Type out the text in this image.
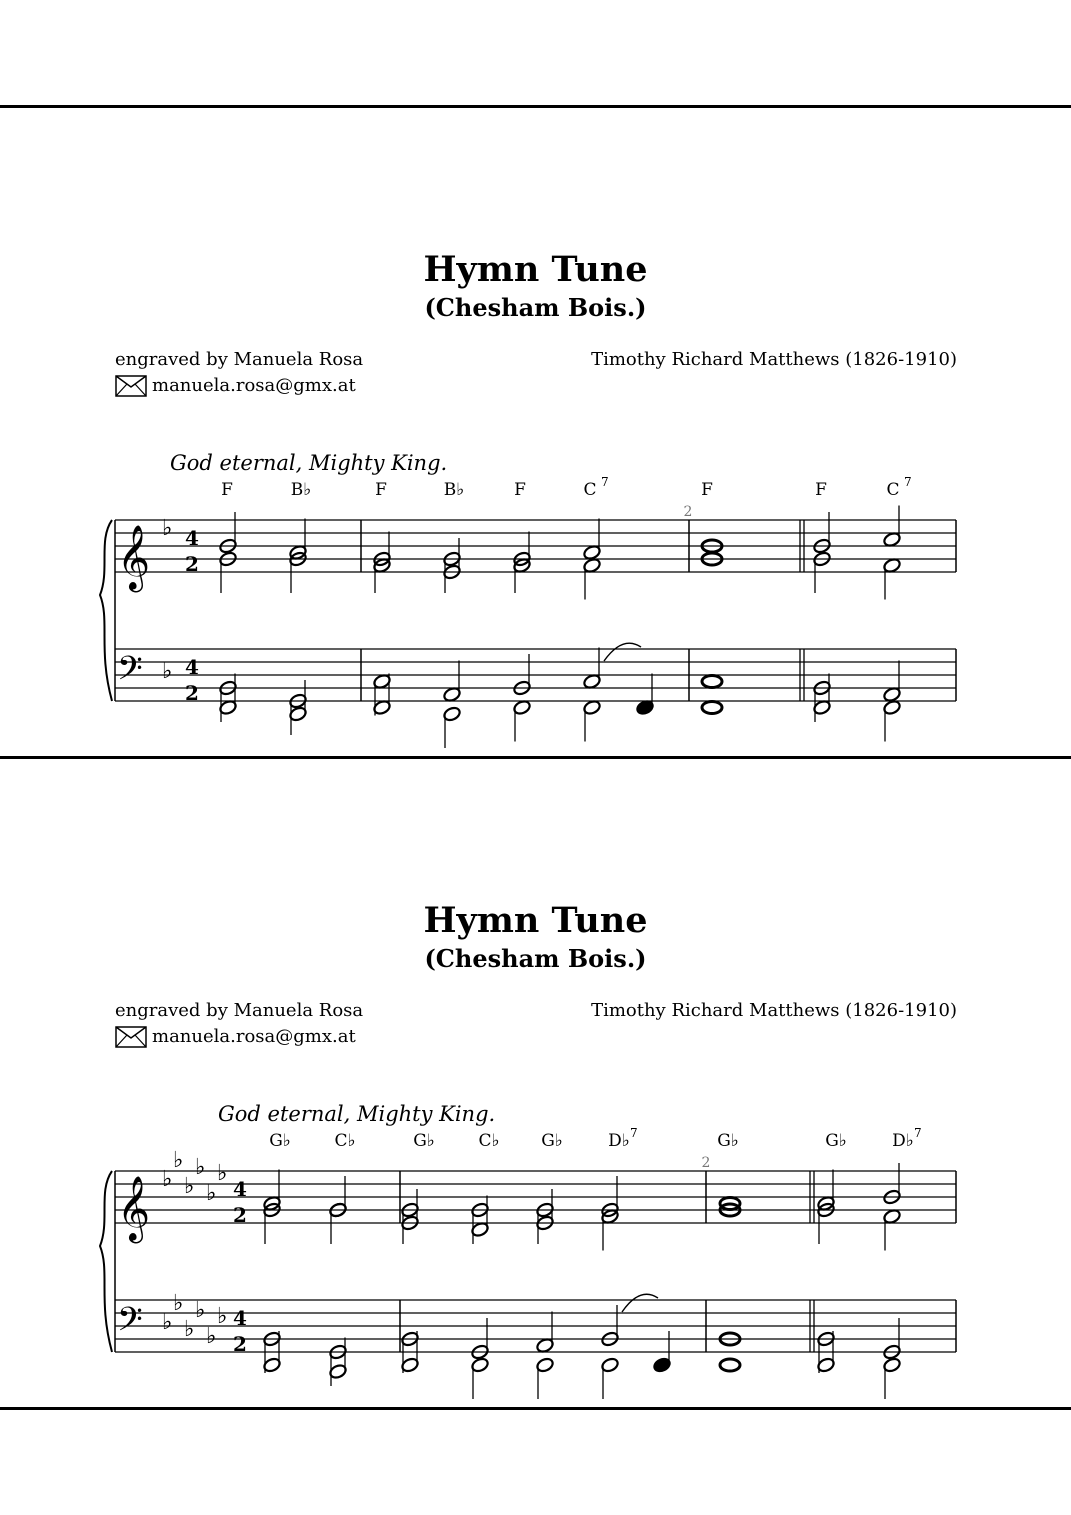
Hymn Tune
(Chesham Bois.)
engraved by Manuela Rosa
manuela.rosa@gmx.at
Timothy Richard Matthews (1826-1910)
God eternal, Mighty King.
F	B♭	F	B♭	F	C 7	F	F	C 7
2
𝄞
𝄢
♭
♭
4
2
4
2
Hymn Tune
(Chesham Bois.)
engraved by Manuela Rosa
manuela.rosa@gmx.at
Timothy Richard Matthews (1826-1910)
God eternal, Mighty King.
G♭	C♭	G♭	C♭ G♭	D♭ 7	G♭	G♭	D♭ 7
2
𝄞
𝄢
♭
♭
♭
♭
♭
♭
♭
♭
♭
♭
♭
♭
4
2
4
2
